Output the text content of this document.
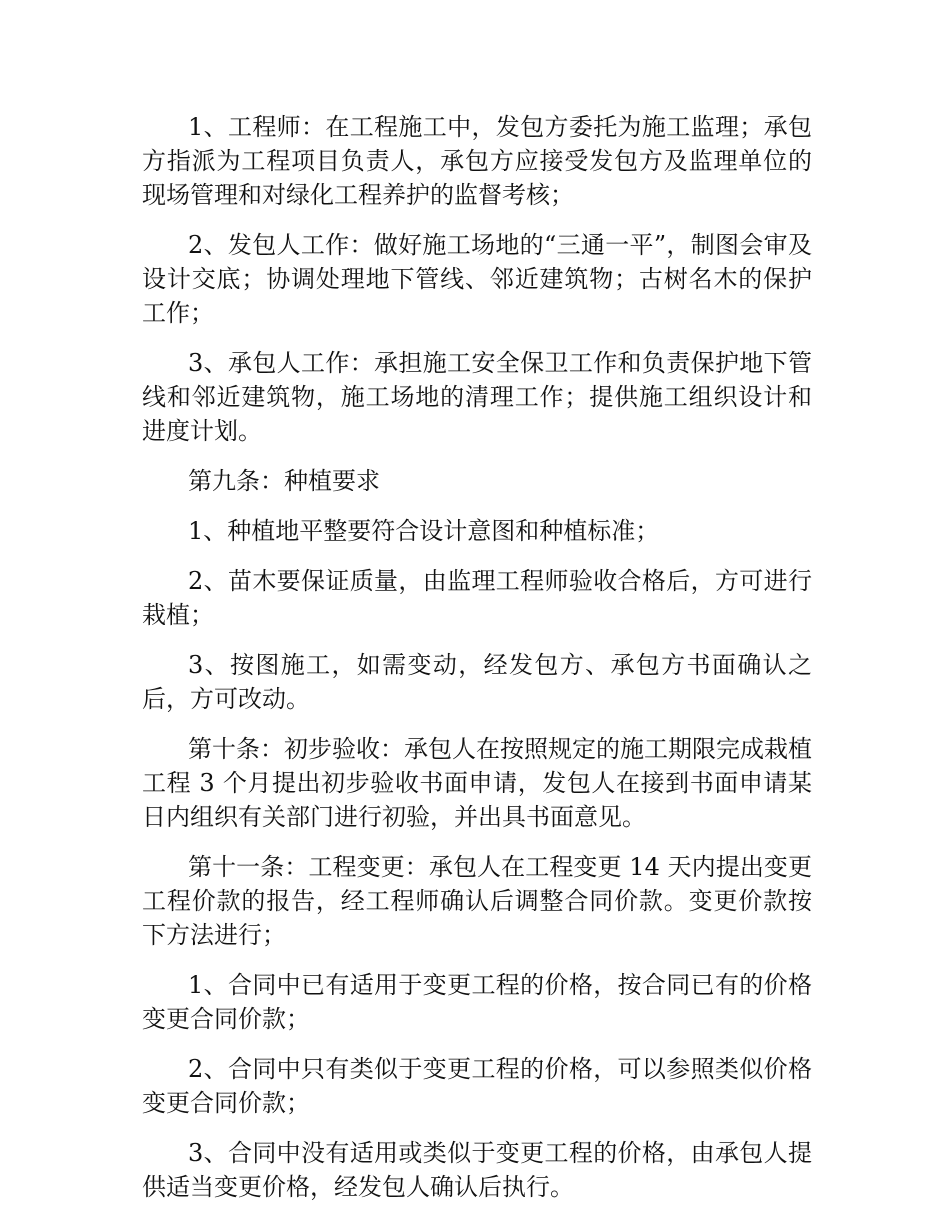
1、工程师：在工程施工中，发包方委托为施工监理；承包方指派为工程项目负责人，承包方应接受发包方及监理单位的现场管理和对绿化工程养护的监督考核；

2、发包人工作：做好施工场地的“三通一平”，制图会审及设计交底；协调处理地下管线、邻近建筑物；古树名木的保护工作；

3、承包人工作：承担施工安全保卫工作和负责保护地下管线和邻近建筑物，施工场地的清理工作；提供施工组织设计和进度计划。

第九条：种植要求

1、种植地平整要符合设计意图和种植标准；

2、苗木要保证质量，由监理工程师验收合格后，方可进行栽植；

3、按图施工，如需变动，经发包方、承包方书面确认之后，方可改动。

第十条：初步验收：承包人在按照规定的施工期限完成栽植工程 3 个月提出初步验收书面申请，发包人在接到书面申请某日内组织有关部门进行初验，并出具书面意见。

第十一条：工程变更：承包人在工程变更 14 天内提出变更工程价款的报告，经工程师确认后调整合同价款。变更价款按下方法进行；

1、合同中已有适用于变更工程的价格，按合同已有的价格变更合同价款；

2、合同中只有类似于变更工程的价格，可以参照类似价格变更合同价款；

3、合同中没有适用或类似于变更工程的价格，由承包人提供适当变更价格，经发包人确认后执行。
